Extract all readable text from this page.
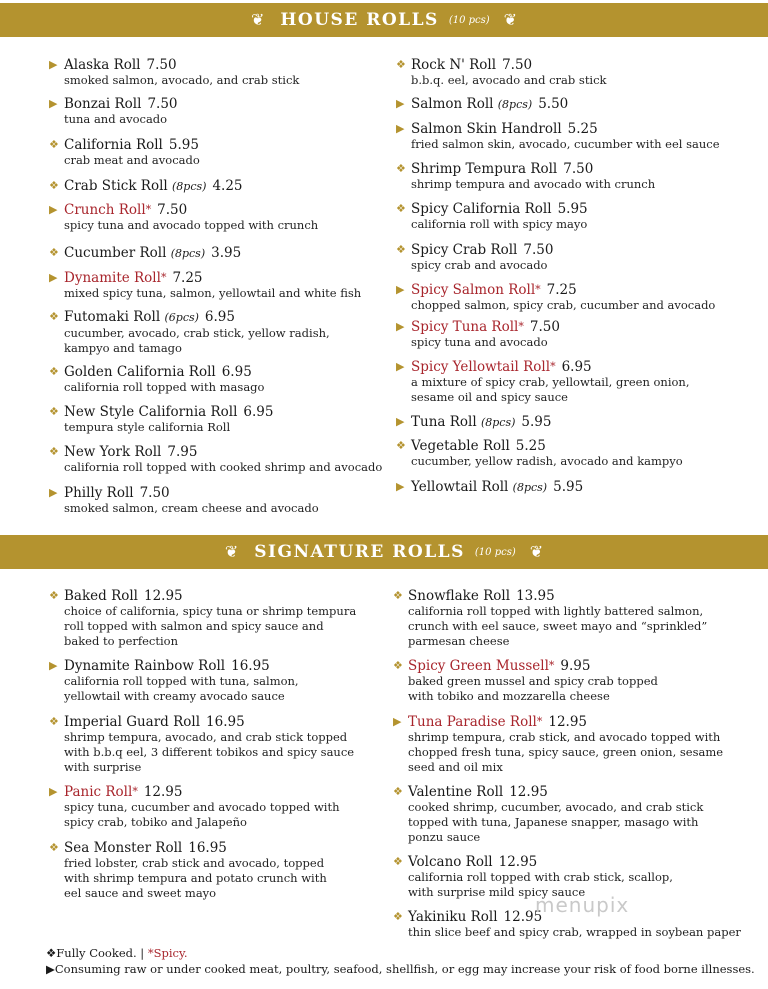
❦ HOUSE ROLLS (10 pcs) ❦
▶ Alaska Roll 7.50
smoked salmon, avocado, and crab stick
▶ Bonzai Roll 7.50
tuna and avocado
❖ California Roll 5.95
crab meat and avocado
❖ Crab Stick Roll (8pcs) 4.25
▶ Crunch Roll* 7.50
spicy tuna and avocado topped with crunch
❖ Cucumber Roll (8pcs) 3.95
▶ Dynamite Roll* 7.25
mixed spicy tuna, salmon, yellowtail and white fish
❖ Futomaki Roll (6pcs) 6.95
cucumber, avocado, crab stick, yellow radish,
kampyo and tamago
❖ Golden California Roll 6.95
california roll topped with masago
❖ New Style California Roll 6.95
tempura style california Roll
❖ New York Roll 7.95
california roll topped with cooked shrimp and avocado
▶ Philly Roll 7.50
smoked salmon, cream cheese and avocado
❖ Rock N' Roll 7.50
b.b.q. eel, avocado and crab stick
▶ Salmon Roll (8pcs) 5.50
▶ Salmon Skin Handroll 5.25
fried salmon skin, avocado, cucumber with eel sauce
❖ Shrimp Tempura Roll 7.50
shrimp tempura and avocado with crunch
❖ Spicy California Roll 5.95
california roll with spicy mayo
❖ Spicy Crab Roll 7.50
spicy crab and avocado
▶ Spicy Salmon Roll* 7.25
chopped salmon, spicy crab, cucumber and avocado
▶ Spicy Tuna Roll* 7.50
spicy tuna and avocado
▶ Spicy Yellowtail Roll* 6.95
a mixture of spicy crab, yellowtail, green onion,
sesame oil and spicy sauce
▶ Tuna Roll (8pcs) 5.95
❖ Vegetable Roll 5.25
cucumber, yellow radish, avocado and kampyo
▶ Yellowtail Roll (8pcs) 5.95
❦ SIGNATURE ROLLS (10 pcs) ❦
❖ Baked Roll 12.95
choice of california, spicy tuna or shrimp tempura
roll topped with salmon and spicy sauce and
baked to perfection
▶ Dynamite Rainbow Roll 16.95
california roll topped with tuna, salmon,
yellowtail with creamy avocado sauce
❖ Imperial Guard Roll 16.95
shrimp tempura, avocado, and crab stick topped
with b.b.q eel, 3 different tobikos and spicy sauce
with surprise
▶ Panic Roll* 12.95
spicy tuna, cucumber and avocado topped with
spicy crab, tobiko and Jalapeño
❖ Sea Monster Roll 16.95
fried lobster, crab stick and avocado, topped
with shrimp tempura and potato crunch with
eel sauce and sweet mayo
❖ Snowflake Roll 13.95
california roll topped with lightly battered salmon,
crunch with eel sauce, sweet mayo and “sprinkled”
parmesan cheese
❖ Spicy Green Mussell* 9.95
baked green mussel and spicy crab topped
with tobiko and mozzarella cheese
▶ Tuna Paradise Roll* 12.95
shrimp tempura, crab stick, and avocado topped with
chopped fresh tuna, spicy sauce, green onion, sesame
seed and oil mix
❖ Valentine Roll 12.95
cooked shrimp, cucumber, avocado, and crab stick
topped with tuna, Japanese snapper, masago with
ponzu sauce
❖ Volcano Roll 12.95
california roll topped with crab stick, scallop,
with surprise mild spicy sauce
❖ Yakiniku Roll 12.95
thin slice beef and spicy crab, wrapped in soybean paper
❖Fully Cooked. | *Spicy.
▶Consuming raw or under cooked meat, poultry, seafood, shellfish, or egg may increase your risk of food borne illnesses.
menupix
